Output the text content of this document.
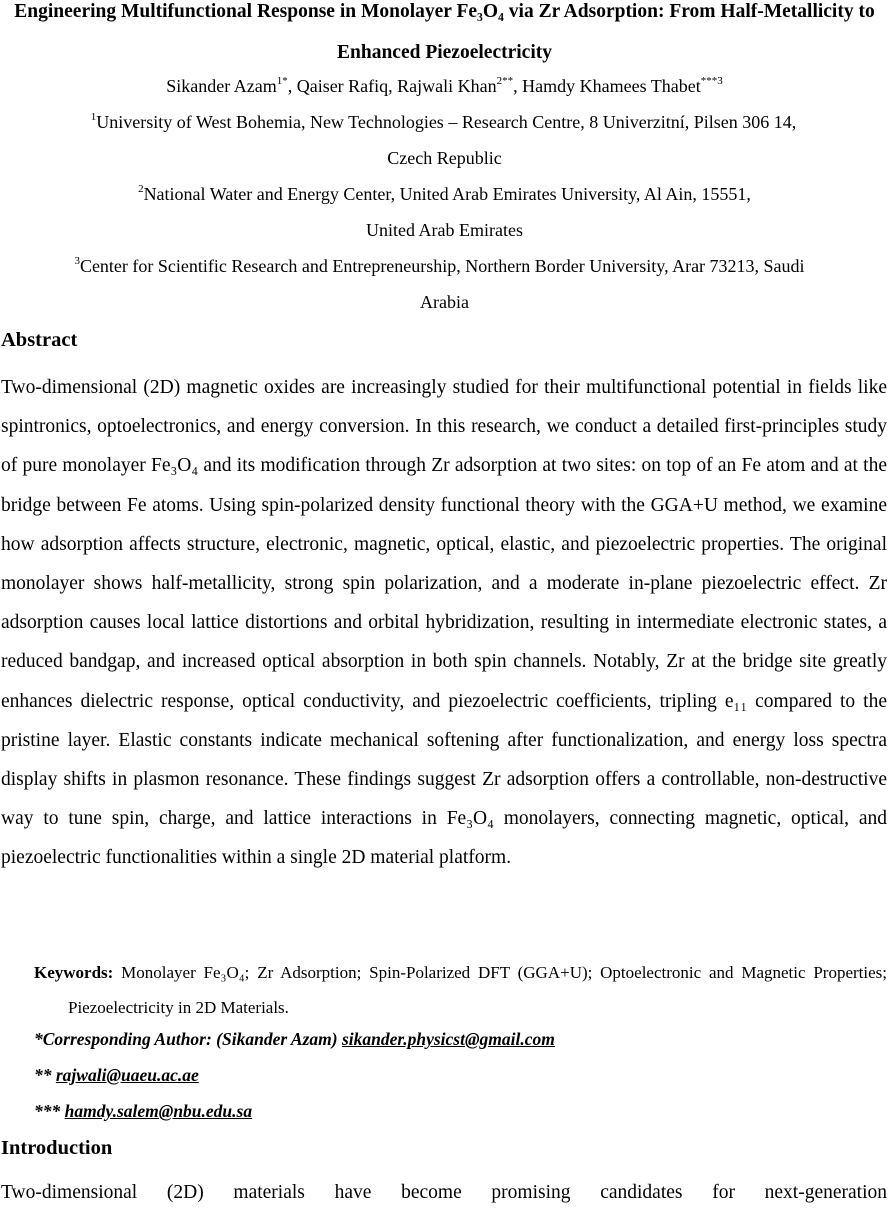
Engineering Multifunctional Response in Monolayer Fe₃O₄ via Zr Adsorption: From Half-Metallicity to Enhanced Piezoelectricity
Sikander Azam$^{1*}$, Qaiser Rafiq, Rajwali Khan$^{2**}$, Hamdy Khamees Thabet$^{***3}$
$^1$University of West Bohemia, New Technologies – Research Centre, 8 Univerzitní, Pilsen 306 14,
Czech Republic
$^2$National Water and Energy Center, United Arab Emirates University, Al Ain, 15551,
United Arab Emirates
$^3$Center for Scientific Research and Entrepreneurship, Northern Border University, Arar 73213, Saudi
Arabia
Abstract

Two-dimensional (2D) magnetic oxides are increasingly studied for their multifunctional potential in fields like spintronics, optoelectronics, and energy conversion. In this research, we conduct a detailed first-principles study of pure monolayer Fe₃O₄ and its modification through Zr adsorption at two sites: on top of an Fe atom and at the bridge between Fe atoms. Using spin-polarized density functional theory with the GGA+U method, we examine how adsorption affects structure, electronic, magnetic, optical, elastic, and piezoelectric properties. The original monolayer shows half-metallicity, strong spin polarization, and a moderate in-plane piezoelectric effect. Zr adsorption causes local lattice distortions and orbital hybridization, resulting in intermediate electronic states, a reduced bandgap, and increased optical absorption in both spin channels. Notably, Zr at the bridge site greatly enhances dielectric response, optical conductivity, and piezoelectric coefficients, tripling e₁₁ compared to the pristine layer. Elastic constants indicate mechanical softening after functionalization, and energy loss spectra display shifts in plasmon resonance. These findings suggest Zr adsorption offers a controllable, non-destructive way to tune spin, charge, and lattice interactions in Fe₃O₄ monolayers, connecting magnetic, optical, and piezoelectric functionalities within a single 2D material platform.

Keywords: Monolayer Fe₃O₄; Zr Adsorption; Spin-Polarized DFT (GGA+U); Optoelectronic and Magnetic Properties; Piezoelectricity in 2D Materials.

*Corresponding Author: (Sikander Azam) sikander.physicst@gmail.com
** rajwali@uaeu.ac.ae
*** hamdy.salem@nbu.edu.sa
Introduction

Two-dimensional (2D) materials have become promising candidates for next-generation
